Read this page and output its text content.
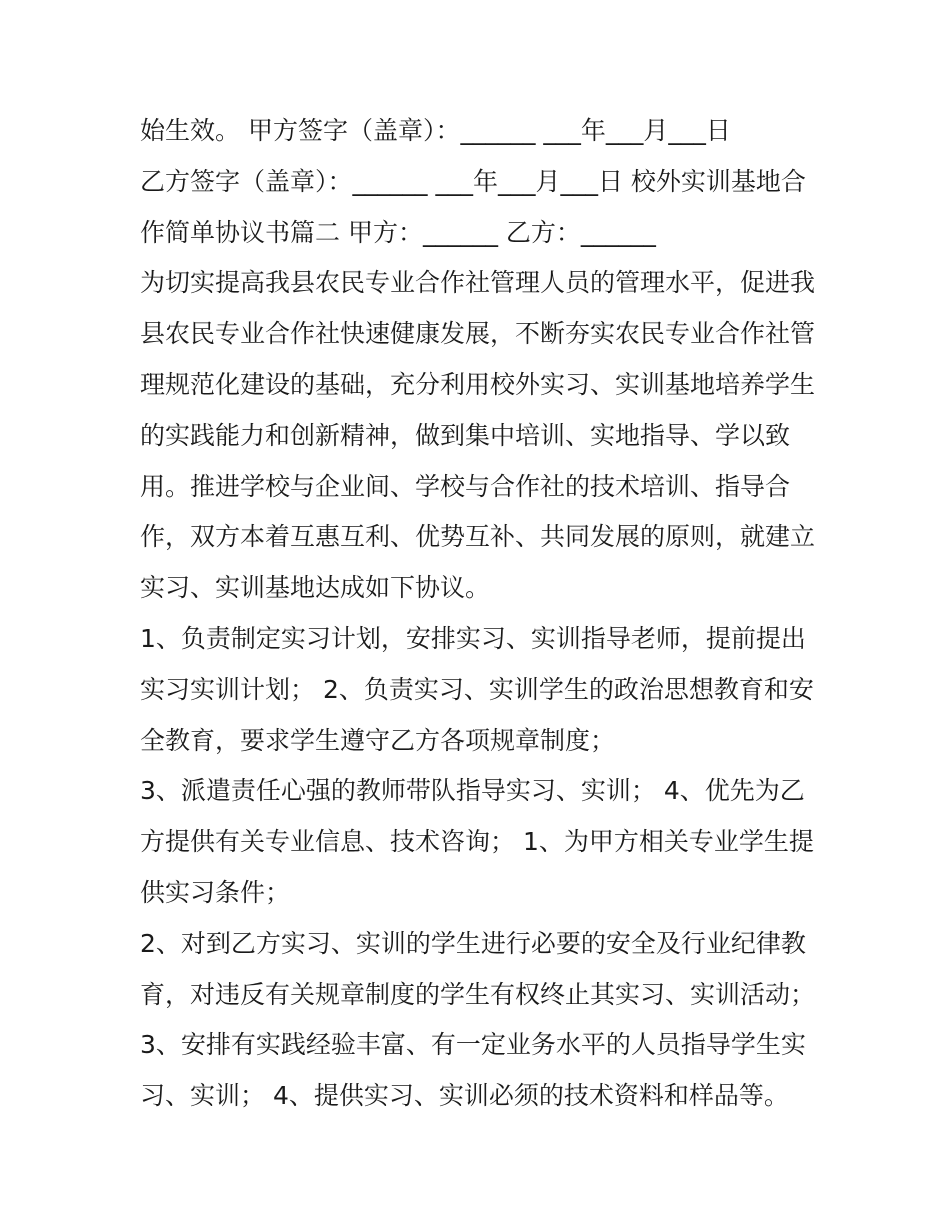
始生效。 甲方签字（盖章）：______ ___年___月___日
乙方签字（盖章）：______ ___年___月___日 校外实训基地合
作简单协议书篇二 甲方：______ 乙方：______
为切实提高我县农民专业合作社管理人员的管理水平，促进我
县农民专业合作社快速健康发展，不断夯实农民专业合作社管
理规范化建设的基础，充分利用校外实习、实训基地培养学生
的实践能力和创新精神，做到集中培训、实地指导、学以致
用。推进学校与企业间、学校与合作社的技术培训、指导合
作，双方本着互惠互利、优势互补、共同发展的原则，就建立
实习、实训基地达成如下协议。
1、负责制定实习计划，安排实习、实训指导老师，提前提出
实习实训计划； 2、负责实习、实训学生的政治思想教育和安
全教育，要求学生遵守乙方各项规章制度；
3、派遣责任心强的教师带队指导实习、实训； 4、优先为乙
方提供有关专业信息、技术咨询； 1、为甲方相关专业学生提
供实习条件；
2、对到乙方实习、实训的学生进行必要的安全及行业纪律教
育，对违反有关规章制度的学生有权终止其实习、实训活动；
3、安排有实践经验丰富、有一定业务水平的人员指导学生实
习、实训； 4、提供实习、实训必须的技术资料和样品等。
